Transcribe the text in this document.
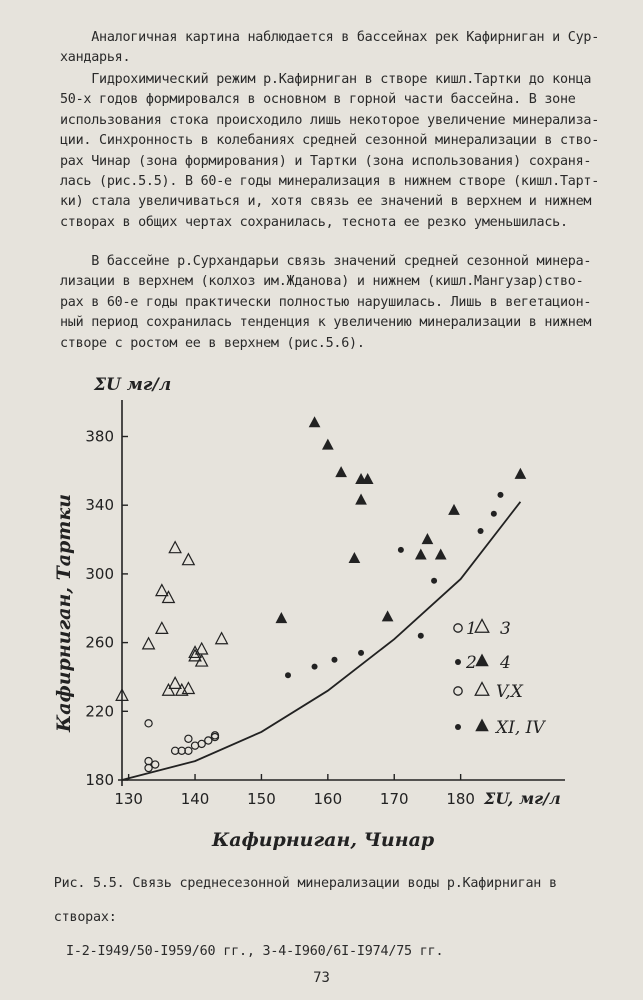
Аналогичная картина наблюдается в бассейнах рек Кафирниган и Сур-
хандарья.

Гидрохимический режим р.Кафирниган в створе кишл.Тартки до конца
50-х годов формировался в основном в горной части бассейна. В зоне
использования стока происходило лишь некоторое увеличение минерализа-
ции. Синхронность в колебаниях средней сезонной минерализации в ство-
рах Чинар (зона формирования) и Тартки (зона использования) сохраня-
лась (рис.5.5). В 60-е годы минерализация в нижнем створе (кишл.Тарт-
ки) стала увеличиваться и, хотя связь ее значений в верхнем и нижнем
створах в общих чертах сохранилась, теснота ее резко уменьшилась.

В бассейне р.Сурхандарьи связь значений средней сезонной минера-
лизации в верхнем (колхоз им.Жданова) и нижнем (кишл.Мангузар)ство-
рах в 60-е годы практически полностью нарушилась. Лишь в вегетацион-
ный период сохранилась тенденция к увеличению минерализации в нижнем
створе с ростом ее в верхнем (рис.5.6).

130	140	150	160	170	180
180
220
260
300
340
380
1 3
2 4
V,X
XI, IV
ΣU мг/л
ΣU, мг/л
Кафирниган, Тартки
Кафирниган, Чинар

Рис. 5.5. Связь среднесезонной минерализации воды р.Кафирниган в

створах:

I-2-I949/50-I959/60 гг., 3-4-I960/6I-I974/75 гг.

73
